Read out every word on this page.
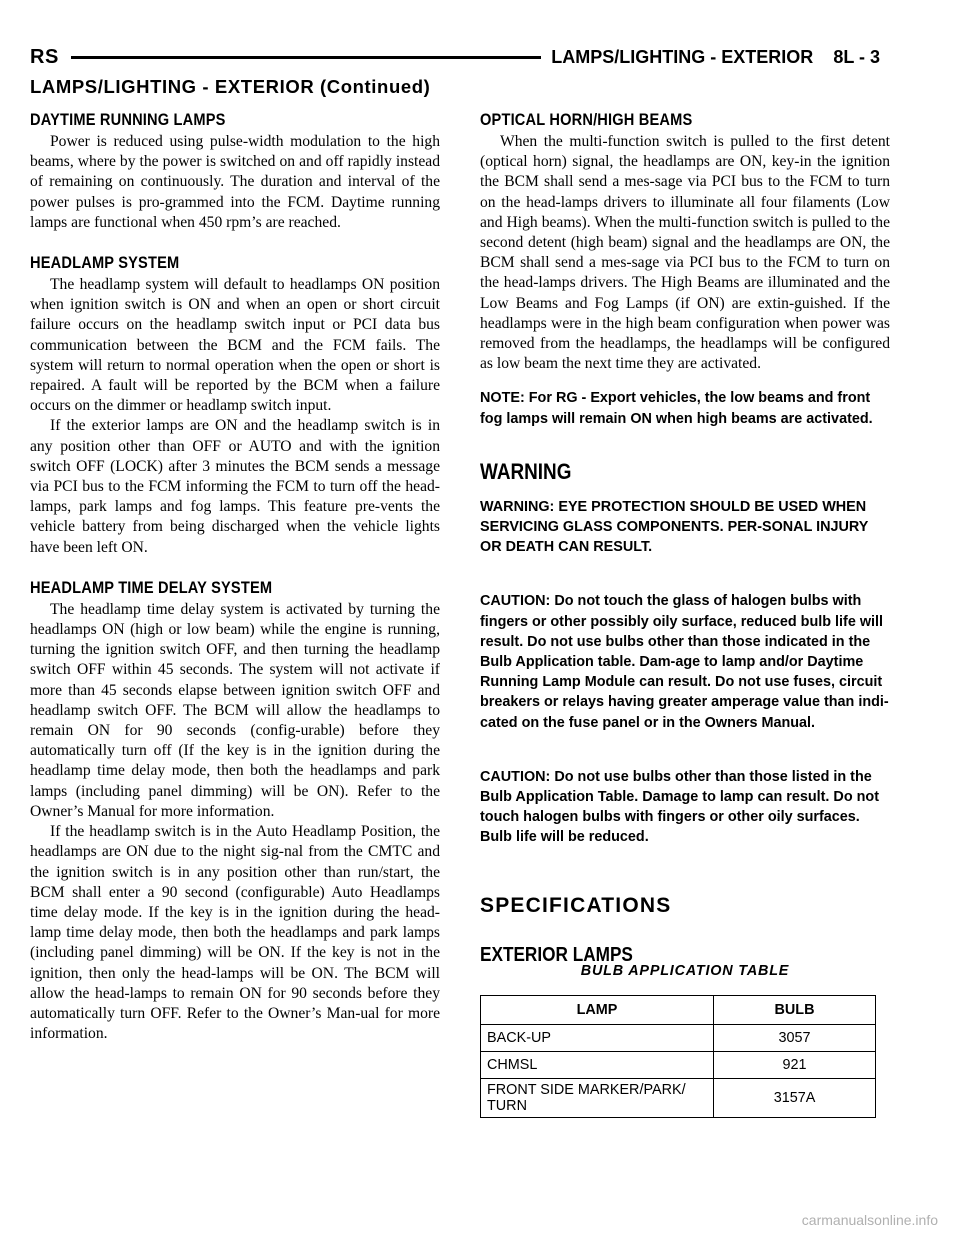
RS	LAMPS/LIGHTING - EXTERIOR 8L - 3
LAMPS/LIGHTING - EXTERIOR (Continued)
DAYTIME RUNNING LAMPS

Power is reduced using pulse-width modulation to the high beams, where by the power is switched on and off rapidly instead of remaining on continuously. The duration and interval of the power pulses is pro-grammed into the FCM. Daytime running lamps are functional when 450 rpm’s are reached.

HEADLAMP SYSTEM

The headlamp system will default to headlamps ON position when ignition switch is ON and when an open or short circuit failure occurs on the headlamp switch input or PCI data bus communication between the BCM and the FCM fails. The system will return to normal operation when the open or short is repaired. A fault will be reported by the BCM when a failure occurs on the dimmer or headlamp switch input.

If the exterior lamps are ON and the headlamp switch is in any position other than OFF or AUTO and with the ignition switch OFF (LOCK) after 3 minutes the BCM sends a message via PCI bus to the FCM informing the FCM to turn off the head-lamps, park lamps and fog lamps. This feature pre-vents the vehicle battery from being discharged when the vehicle lights have been left ON.

HEADLAMP TIME DELAY SYSTEM

The headlamp time delay system is activated by turning the headlamps ON (high or low beam) while the engine is running, turning the ignition switch OFF, and then turning the headlamp switch OFF within 45 seconds. The system will not activate if more than 45 seconds elapse between ignition switch OFF and headlamp switch OFF. The BCM will allow the headlamps to remain ON for 90 seconds (config-urable) before they automatically turn off (If the key is in the ignition during the headlamp time delay mode, then both the headlamps and park lamps (including panel dimming) will be ON). Refer to the Owner’s Manual for more information.

If the headlamp switch is in the Auto Headlamp Position, the headlamps are ON due to the night sig-nal from the CMTC and the ignition switch is in any position other than run/start, the BCM shall enter a 90 second (configurable) Auto Headlamps time delay mode. If the key is in the ignition during the head-lamp time delay mode, then both the headlamps and park lamps (including panel dimming) will be ON. If the key is not in the ignition, then only the head-lamps will be ON. The BCM will allow the head-lamps to remain ON for 90 seconds before they automatically turn OFF. Refer to the Owner’s Man-ual for more information.

OPTICAL HORN/HIGH BEAMS

When the multi-function switch is pulled to the first detent (optical horn) signal, the headlamps are ON, key-in the ignition the BCM shall send a mes-sage via PCI bus to the FCM to turn on the head-lamps drivers to illuminate all four filaments (Low and High beams). When the multi-function switch is pulled to the second detent (high beam) signal and the headlamps are ON, the BCM shall send a mes-sage via PCI bus to the FCM to turn on the head-lamps drivers. The High Beams are illuminated and the Low Beams and Fog Lamps (if ON) are extin-guished. If the headlamps were in the high beam configuration when power was removed from the headlamps, the headlamps will be configured as low beam the next time they are activated.

NOTE: For RG - Export vehicles, the low beams and front fog lamps will remain ON when high beams are activated.

WARNING

WARNING: EYE PROTECTION SHOULD BE USED WHEN SERVICING GLASS COMPONENTS. PER-SONAL INJURY OR DEATH CAN RESULT.

CAUTION: Do not touch the glass of halogen bulbs with fingers or other possibly oily surface, reduced bulb life will result. Do not use bulbs other than those indicated in the Bulb Application table. Dam-age to lamp and/or Daytime Running Lamp Module can result. Do not use fuses, circuit breakers or relays having greater amperage value than indi-cated on the fuse panel or in the Owners Manual.

CAUTION: Do not use bulbs other than those listed in the Bulb Application Table. Damage to lamp can result. Do not touch halogen bulbs with fingers or other oily surfaces. Bulb life will be reduced.

SPECIFICATIONS
EXTERIOR LAMPS
BULB APPLICATION TABLE
LAMP	BULB
BACK-UP	3057
CHMSL	921
FRONT SIDE MARKER/PARK/ TURN	3157A
carmanualsonline.info
